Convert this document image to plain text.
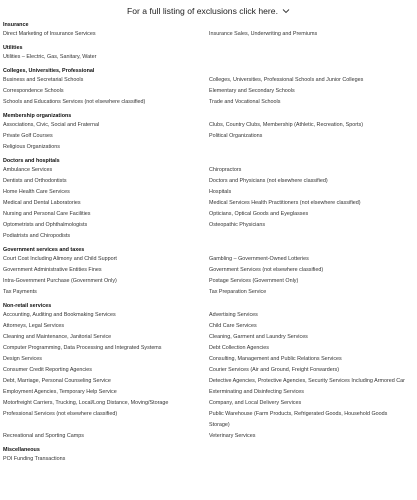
For a full listing of exclusions click here.
Insurance
Direct Marketing of Insurance Services	Insurance Sales, Underwriting and Premiums
Utilities
Utilities – Electric, Gas, Sanitary, Water
Colleges, Universities, Professional
Business and Secretarial Schools	Colleges, Universities, Professional Schools and Junior Colleges
Correspondence Schools	Elementary and Secondary Schools
Schools and Educations Services (not elsewhere classified)	Trade and Vocational Schools
Membership organizations
Associations, Civic, Social and Fraternal	Clubs, Country Clubs, Membership (Athletic, Recreation, Sports)
Private Golf Courses	Political Organizations
Religious Organizations
Doctors and hospitals
Ambulance Services	Chiropractors
Dentists and Orthodontists	Doctors and Physicians (not elsewhere classified)
Home Health Care Services	Hospitals
Medical and Dental Laboratories	Medical Services Health Practitioners (not elsewhere classified)
Nursing and Personal Care Facilities	Opticians, Optical Goods and Eyeglasses
Optometrists and Ophthalmologists	Osteopathic Physicians
Podiatrists and Chiropodists
Government services and taxes
Court Cost Including Alimony and Child Support	Gambling – Government-Owned Lotteries
Government Administrative Entities Fines	Government Services (not elsewhere classified)
Intra-Government Purchase (Government Only)	Postage Services (Government Only)
Tax Payments	Tax Preparation Service
Non-retail services
Accounting, Auditing and Bookmaking Services	Advertising Services
Attorneys, Legal Services	Child Care Services
Cleaning and Maintenance, Janitorial Service	Cleaning, Garment and Laundry Services
Computer Programming, Data Processing and Integrated Systems	Debt Collection Agencies
Design Services	Consulting, Management and Public Relations Services
Consumer Credit Reporting Agencies	Courier Services (Air and Ground, Freight Forwarders)
Debt, Marriage, Personal Counseling Service	Detective Agencies, Protective Agencies, Security Services Including Armored Car
Employment Agencies, Temporary Help Service	Exterminating and Disinfecting Services
Motorfreight Carriers, Trucking, Local/Long Distance, Moving/Storage	Company, and Local Delivery Services
Professional Services (not elsewhere classified)	Public Warehouse (Farm Products, Refrigerated Goods, Household Goods
Storage)
Recreational and Sporting Camps	Veterinary Services
Miscellaneous
POI Funding Transactions
